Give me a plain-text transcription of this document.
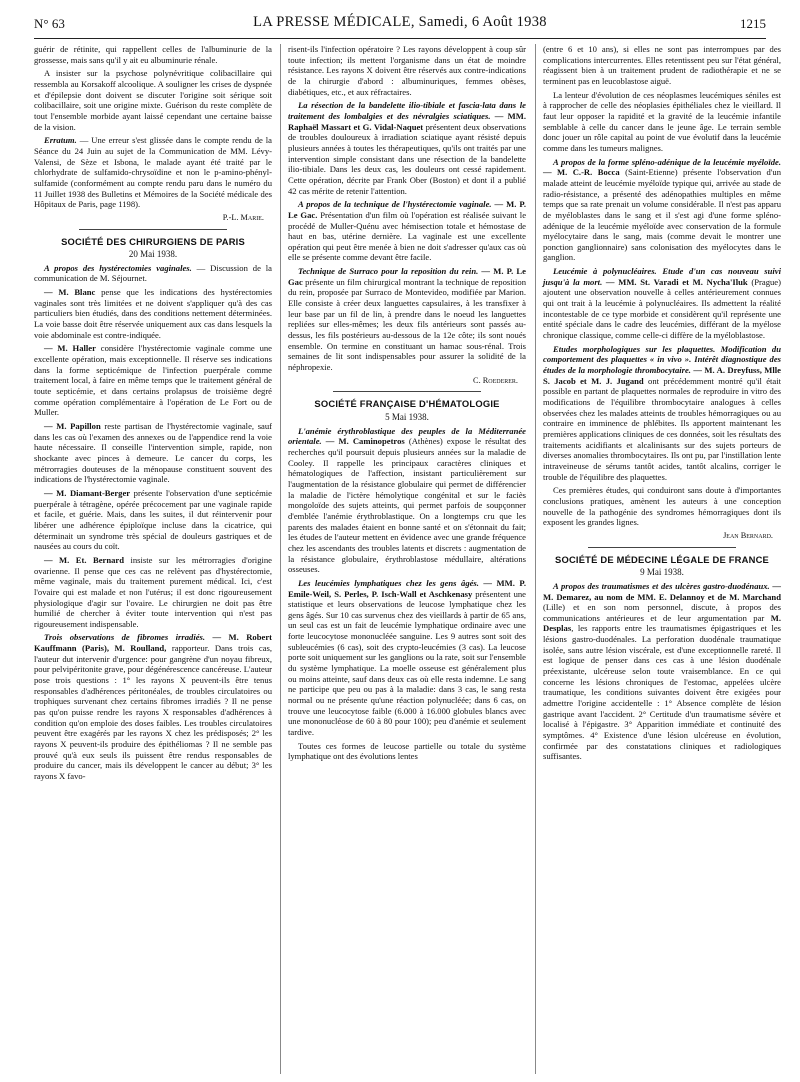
N° 63	LA PRESSE MÉDICALE, Samedi, 6 Août 1938	1215

guérir de rétinite, qui rappellent celles de l'albuminurie de la grossesse, mais sans qu'il y ait eu albuminurie rénale.

A insister sur la psychose polynévritique colibacillaire qui ressembla au Korsakoff alcoolique. A souligner les crises de dyspnée et d'épilepsie dont doivent se discuter l'origine soit sérique soit colibacillaire, soit une origine mixte. Guérison du reste complète de tout l'ensemble morbide ayant laissé cependant une certaine baisse de la vision.

Erratum. — Une erreur s'est glissée dans le compte rendu de la Séance du 24 Juin au sujet de la Communication de MM. Lévy-Valensi, de Sèze et Isbona, le malade ayant été traité par le chlorhydrate de sulfamido-chrysoïdine et non le p-amino-phényl-sulfamide (conformément au compte rendu paru dans le numéro du 11 Juillet 1938 des Bulletins et Mémoires de la Société médicale des Hôpitaux de Paris, page 1198).

P.-L. Marie.
SOCIÉTÉ DES CHIRURGIENS DE PARIS
20 Mai 1938.

A propos des hystérectomies vaginales. — Discussion de la communication de M. Séjournet.

— M. Blanc pense que les indications des hystérectomies vaginales sont très limitées et ne doivent s'appliquer qu'à des cas particuliers bien étudiés, dans des conditions nettement déterminées. La voie basse doit être réservée uniquement aux cas dans lesquels la voie abdominale est contre-indiquée.

— M. Haller considère l'hystérectomie vaginale comme une excellente opération, mais exceptionnelle. Il réserve ses indications dans la forme septicémique de l'infection puerpérale comme traitement local, à faire en même temps que le traitement général de toute septicémie, et dans certains prolapsus de troisième degré comme opération complémentaire à l'opération de Le Fort ou de Muller.

— M. Papillon reste partisan de l'hystérectomie vaginale, sauf dans les cas où l'examen des annexes ou de l'appendice rend la voie haute nécessaire. Il conseille l'intervention simple, rapide, non shockante avec pinces à demeure. Le cancer du corps, les métrorragies douteuses de la ménopause constituent souvent des indications de l'hystérectomie vaginale.

— M. Diamant-Berger présente l'observation d'une septicémie puerpérale à tétragène, opérée précocement par une vaginale rapide et facile, et guérie. Mais, dans les suites, il dut réintervenir pour libérer une adhérence épiploïque incluse dans la cicatrice, qui déterminait un syndrome très spécial de douleurs gastriques et de nausées au cours du coït.

— M. Et. Bernard insiste sur les métrorragies d'origine ovarienne. Il pense que ces cas ne relèvent pas d'hystérectomie, même vaginale, mais du traitement purement médical. Ici, c'est l'ovaire qui est malade et non l'utérus; il est donc rigoureusement physiologique d'agir sur l'ovaire. Le chirurgien ne doit pas être humilié de chercher à éviter toute intervention qui n'est pas rigoureusement indispensable.

Trois observations de fibromes irradiés. — M. Robert Kauffmann (Paris), M. Roulland, rapporteur. Dans trois cas, l'auteur dut intervenir d'urgence: pour gangrène d'un noyau fibreux, pour pelvipéritonite grave, pour dégénérescence cancéreuse. L'auteur pose trois questions : 1° les rayons X peuvent-ils être tenus responsables d'adhérences péritonéales, de troubles circulatoires ou trophiques survenant chez certains fibromes irradiés ? Il ne pense pas qu'on puisse rendre les rayons X responsables d'adhérences à condition qu'on emploie des doses faibles. Les troubles circulatoires peuvent être exagérés par les rayons X chez les prédisposés; 2° les rayons X peuvent-ils produire des épithéliomas ? Il ne semble pas prouvé qu'à eux seuls ils puissent être rendus responsables de produire du cancer, mais ils développent le cancer au début; 3° les rayons X favo-

risent-ils l'infection opératoire ? Les rayons développent à coup sûr toute infection; ils mettent l'organisme dans un état de moindre résistance. Les rayons X doivent être réservés aux contre-indications de la chirurgie d'abord : albuminuriques, femmes obèses, diabétiques, etc., et aux réfractaires.

La résection de la bandelette ilio-tibiale et fascia-lata dans le traitement des lombalgies et des névralgies sciatiques. — MM. Raphaël Massart et G. Vidal-Naquet présentent deux observations de troubles douloureux à irradiation sciatique ayant résisté depuis plusieurs années à toutes les thérapeutiques, qu'ils ont traités par une intervention simple consistant dans une résection de la bandelette ilio-tibiale. Dans les deux cas, les douleurs ont cessé rapidement. Cette opération, décrite par Frank Ober (Boston) et dont il a publié 42 cas mérite de retenir l'attention.

A propos de la technique de l'hystérectomie vaginale. — M. P. Le Gac. Présentation d'un film où l'opération est réalisée suivant le procédé de Muller-Quénu avec hémisection totale et hémostase de haut en bas, utérine dernière. La vaginale est une excellente opération qui peut être menée à bien ne doit s'adresser qu'aux cas où elle se présente comme devant être facile.

Technique de Surraco pour la reposition du rein. — M. P. Le Gac présente un film chirurgical montrant la technique de reposition du rein, proposée par Surraco de Montevideo, modifiée par Marion. Elle consiste à créer deux languettes capsulaires, à les transfixer à leur base par un fil de lin, à prendre dans le noeud les languettes repliées sur elles-mêmes; les deux fils antérieurs sont passés au-dessus, les fils postérieurs au-dessous de la 12e côte; ils sont noués ensemble. On termine en constituant un hamac sous-rénal. Trois semaines de lit sont indispensables pour assurer la solidité de la néphropexie.

C. Roederer.
SOCIÉTÉ FRANÇAISE D'HÉMATOLOGIE
5 Mai 1938.

L'anémie érythroblastique des peuples de la Méditerranée orientale. — M. Caminopetros (Athènes) expose le résultat des recherches qu'il poursuit depuis plusieurs années sur la maladie de Cooley. Il rappelle les principaux caractères cliniques et hématologiques de l'affection, insistant particulièrement sur l'augmentation de la résistance globulaire qui permet de différencier la maladie de l'ictère hémolytique congénital et sur le faciès mongoloïde des sujets atteints, qui permet parfois de soupçonner d'emblée l'anémie érythroblastique. On a longtemps cru que les parents des malades étaient en bonne santé et on s'étonnait du fait; les études de l'auteur mettent en évidence avec une grande fréquence chez les ascendants des troubles latents et discrets : augmentation de la résistance globulaire, érythroblastose médullaire, altérations osseuses.

Les leucémies lymphatiques chez les gens âgés. — MM. P. Emile-Weil, S. Perles, P. Isch-Wall et Aschkenasy présentent une statistique et leurs observations de leucose lymphatique chez les gens âgés. Sur 10 cas survenus chez des vieillards à partir de 65 ans, un seul cas est un fait de leucémie lymphatique ordinaire avec une forte leucocytose mononucléée sanguine. Les 9 autres sont soit des subleucémies (6 cas), soit des crypto-leucémies (3 cas). La leucose porte soit uniquement sur les ganglions ou la rate, soit sur l'ensemble du système lymphatique. La moelle osseuse est généralement plus ou moins atteinte, sauf dans deux cas où elle resta indemne. Le sang ne participe que peu ou pas à la maladie: dans 3 cas, le sang resta normal ou ne présente qu'une réaction polynucléée; dans 6 cas, on trouve une leucocytose faible (6.000 à 16.000 globules blancs avec une mononucléose de 60 à 80 pour 100); peu d'anémie et seulement tardive.

Toutes ces formes de leucose partielle ou totale du système lymphatique ont des évolutions lentes

(entre 6 et 10 ans), si elles ne sont pas interrompues par des complications intercurrentes. Elles retentissent peu sur l'état général, réagissent bien à un traitement prudent de radiothérapie et ne se terminent pas en leucoblastose aiguë.

La lenteur d'évolution de ces néoplasmes leucémiques séniles est à rapprocher de celle des néoplasies épithéliales chez le vieillard. Il faut leur opposer la rapidité et la gravité de la leucémie infantile semblable à celle du cancer dans le jeune âge. Le terrain semble donc jouer un rôle capital au point de vue évolutif dans la leucémie comme dans les tumeurs malignes.

A propos de la forme spléno-adénique de la leucémie myéloïde. — M. C.-R. Bocca (Saint-Etienne) présente l'observation d'un malade atteint de leucémie myéloïde typique qui, arrivée au stade de radio-résistance, a présenté des adénopathies multiples en même temps que sa rate prenait un volume considérable. Il n'est pas apparu de myéloblastes dans le sang et il s'est agi d'une forme spléno-adénique de la leucémie myéloïde avec conservation de la formule myélocytaire dans le sang, mais (comme devait le montrer une ponction ganglionnaire) sans colonisation des myélocytes dans le ganglion.

Leucémie à polynucléaires. Etude d'un cas nouveau suivi jusqu'à la mort. — MM. St. Varadi et M. Nycha'Iluk (Prague) ajoutent une observation nouvelle à celles antérieurement connues qui ont trait à la leucémie à polynucléaires. Ils admettent la réalité incontestable de ce type morbide et considèrent qu'il représente une entité spéciale dans le cadre des leucémies, différant de la myélose chronique classique, comme celle-ci diffère de la myéloblastose.

Etudes morphologiques sur les plaquettes. Modification du comportement des plaquettes « in vivo ». Intérêt diagnostique des études de la morphologie thrombocytaire. — M. A. Dreyfuss, Mlle S. Jacob et M. J. Jugand ont précédemment montré qu'il était possible en partant de plaquettes normales de reproduire in vitro des modifications de l'équilibre thrombocytaire analogues à celles observées chez les malades atteints de troubles hémorragiques ou au contraire en imminence de phlébites. Ils apportent maintenant les premières applications cliniques de ces données, soit les résultats des traitements acidifiants et alcalinisants sur des sujets porteurs de diverses anomalies thrombocytaires. Ils ont pu, par l'instillation lente intraveineuse de sérums tantôt acides, tantôt alcalins, corriger le trouble de l'équilibre des plaquettes.

Ces premières études, qui conduiront sans doute à d'importantes conclusions pratiques, amènent les auteurs à une conception nouvelle de la pathogénie des syndromes hémorragiques dont ils exposent les grandes lignes.

Jean Bernard.
SOCIÉTÉ DE MÉDECINE LÉGALE DE FRANCE
9 Mai 1938.

A propos des traumatismes et des ulcères gastro-duodénaux. — M. Demarez, au nom de MM. E. Delannoy et de M. Marchand (Lille) et en son nom personnel, discute, à propos des communications antérieures et de leur argumentation par M. Desplas, les rapports entre les traumatismes épigastriques et les lésions gastro-duodénales. La perforation duodénale traumatique isolée, sans autre lésion viscérale, est d'une exceptionnelle rareté. Il est logique de penser dans ces cas à une lésion duodénale préexistante, ulcéreuse selon toute vraisemblance. En ce qui concerne les lésions chroniques de l'estomac, appelées ulcère traumatique, les conditions suivantes doivent être exigées pour admettre l'origine accidentelle : 1° Absence complète de lésion gastrique avant l'accident. 2° Certitude d'un traumatisme sévère et localisé à l'épigastre. 3° Apparition immédiate et continuité des symptômes. 4° Existence d'une lésion ulcéreuse en évolution, confirmée par des constatations cliniques et radiologiques suffisantes.
